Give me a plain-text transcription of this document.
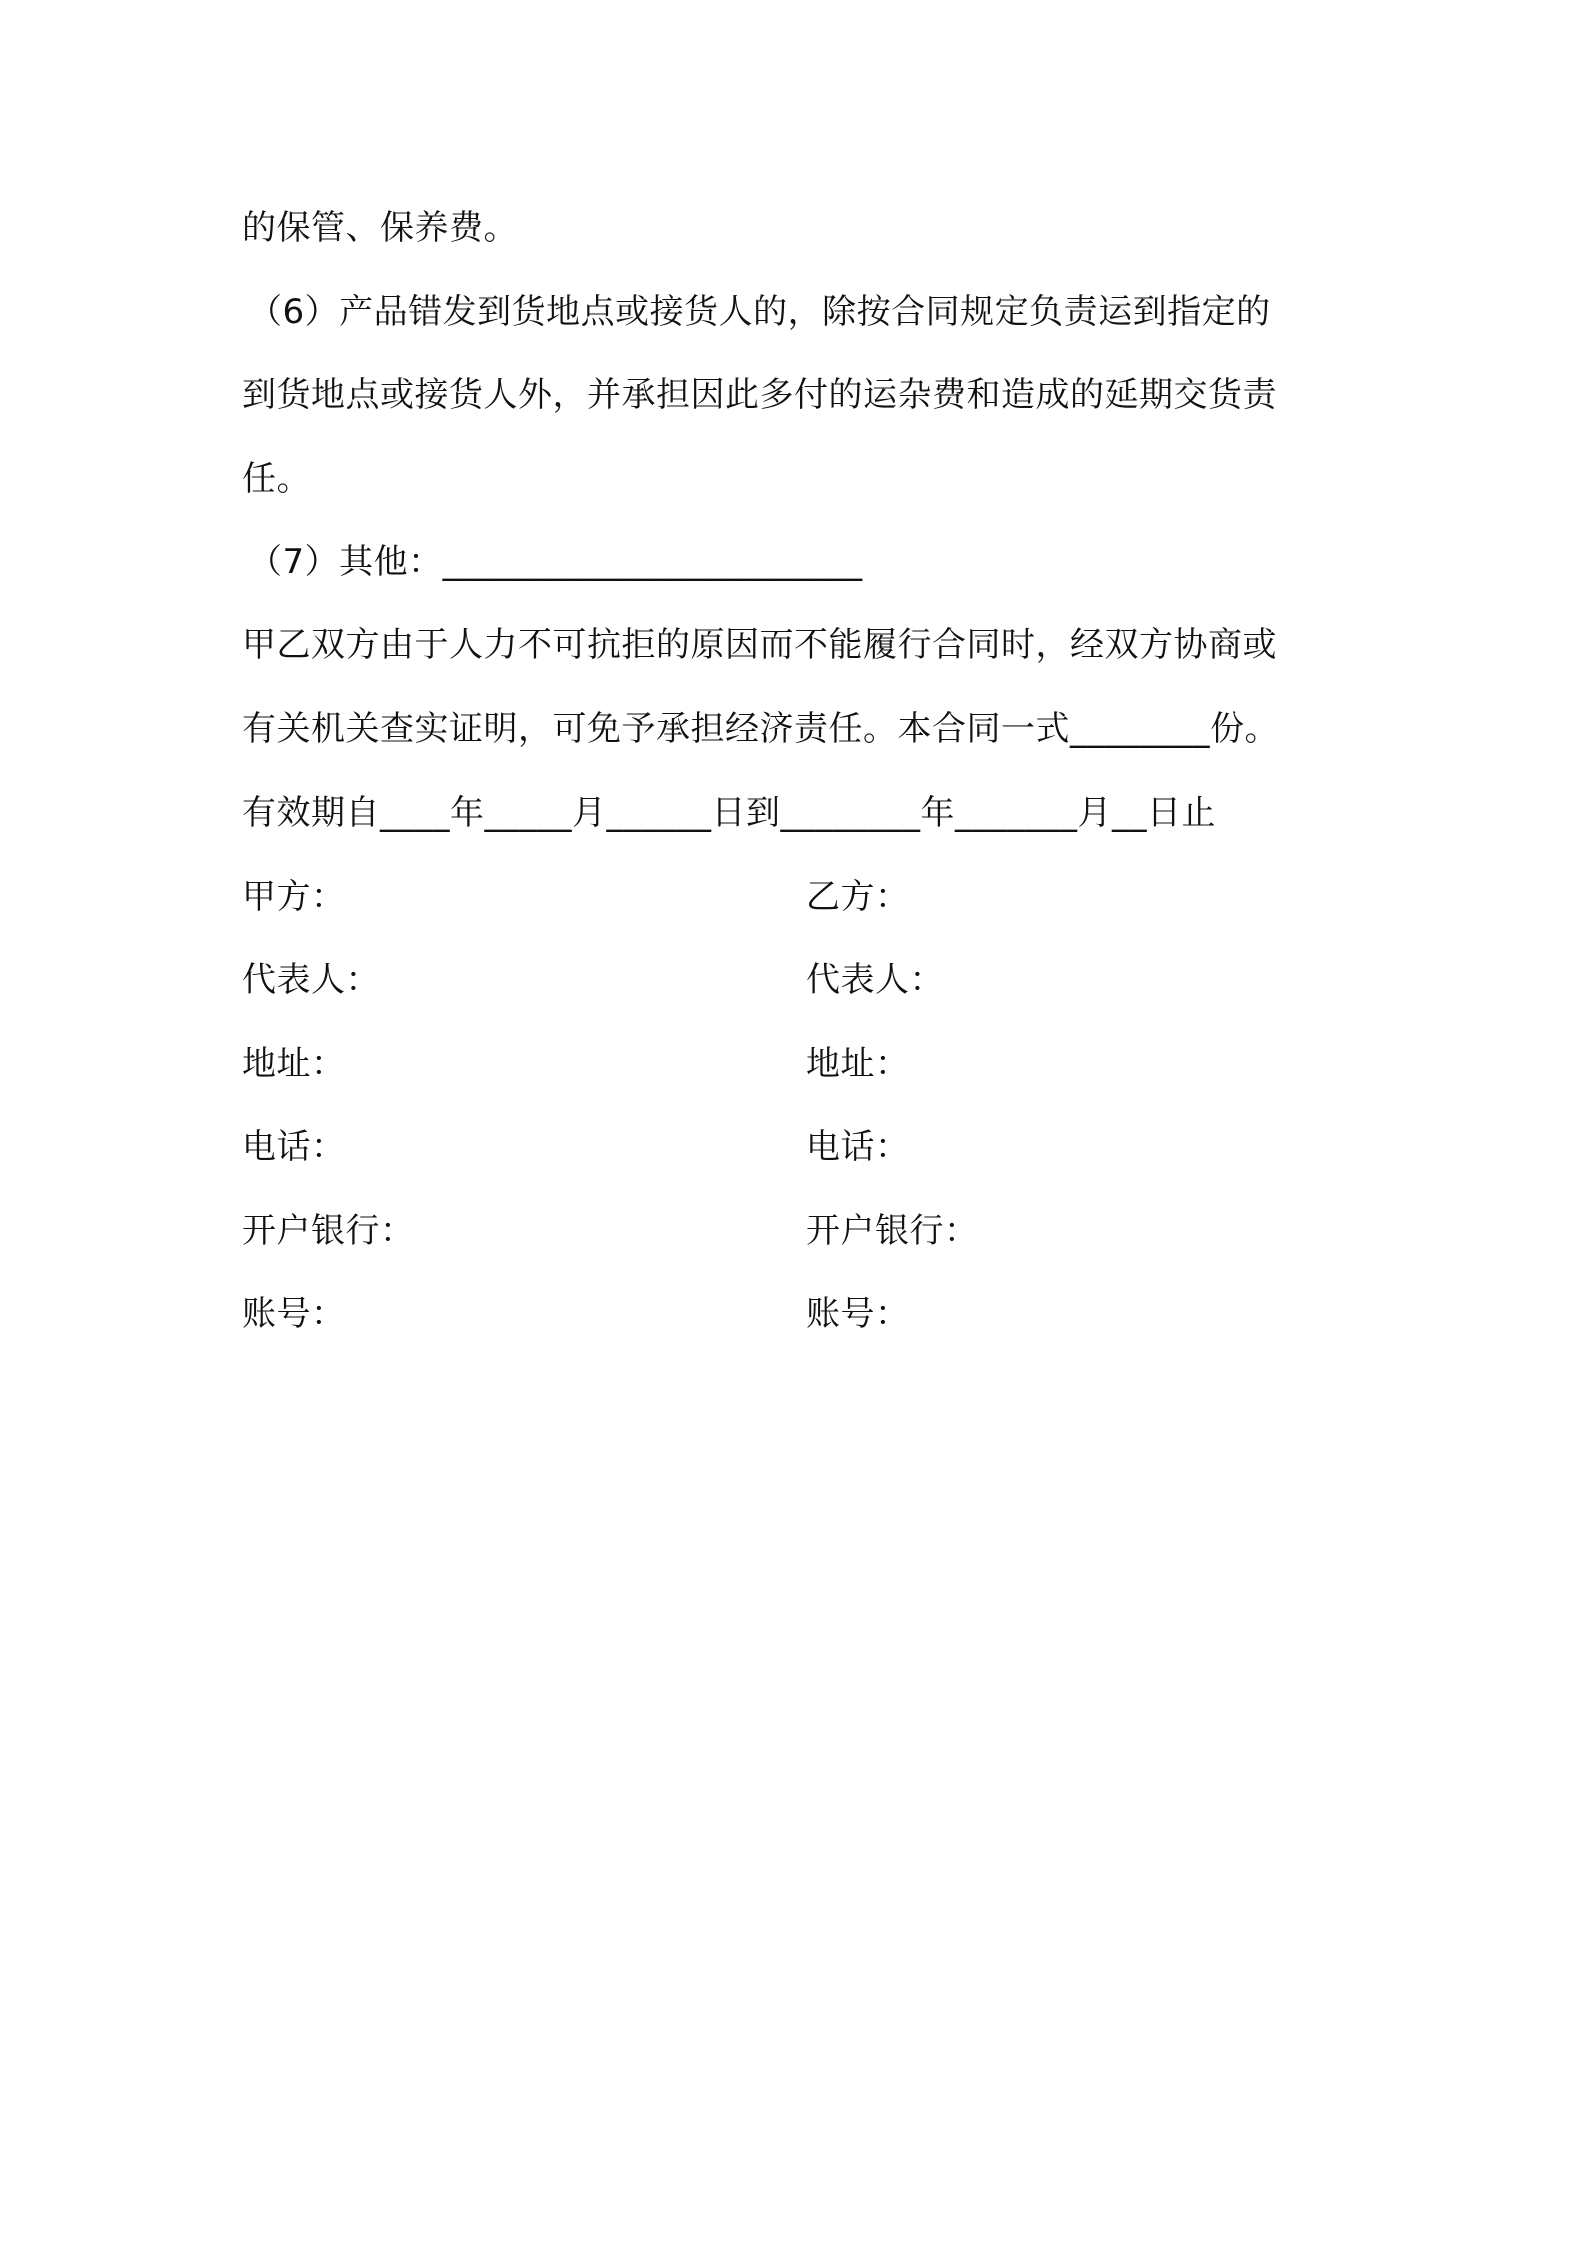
的保管、保养费。
（6）产品错发到货地点或接货人的，除按合同规定负责运到指定的
到货地点或接货人外，并承担因此多付的运杂费和造成的延期交货责
任。
（7）其他：________________________
甲乙双方由于人力不可抗拒的原因而不能履行合同时，经双方协商或
有关机关查实证明，可免予承担经济责任。本合同一式________份。
有效期自____年_____月______日到________年_______月__日止
甲方：	乙方：
代表人：	代表人：
地址：	地址：
电话：	电话：
开户银行：	开户银行：
账号：	账号：
